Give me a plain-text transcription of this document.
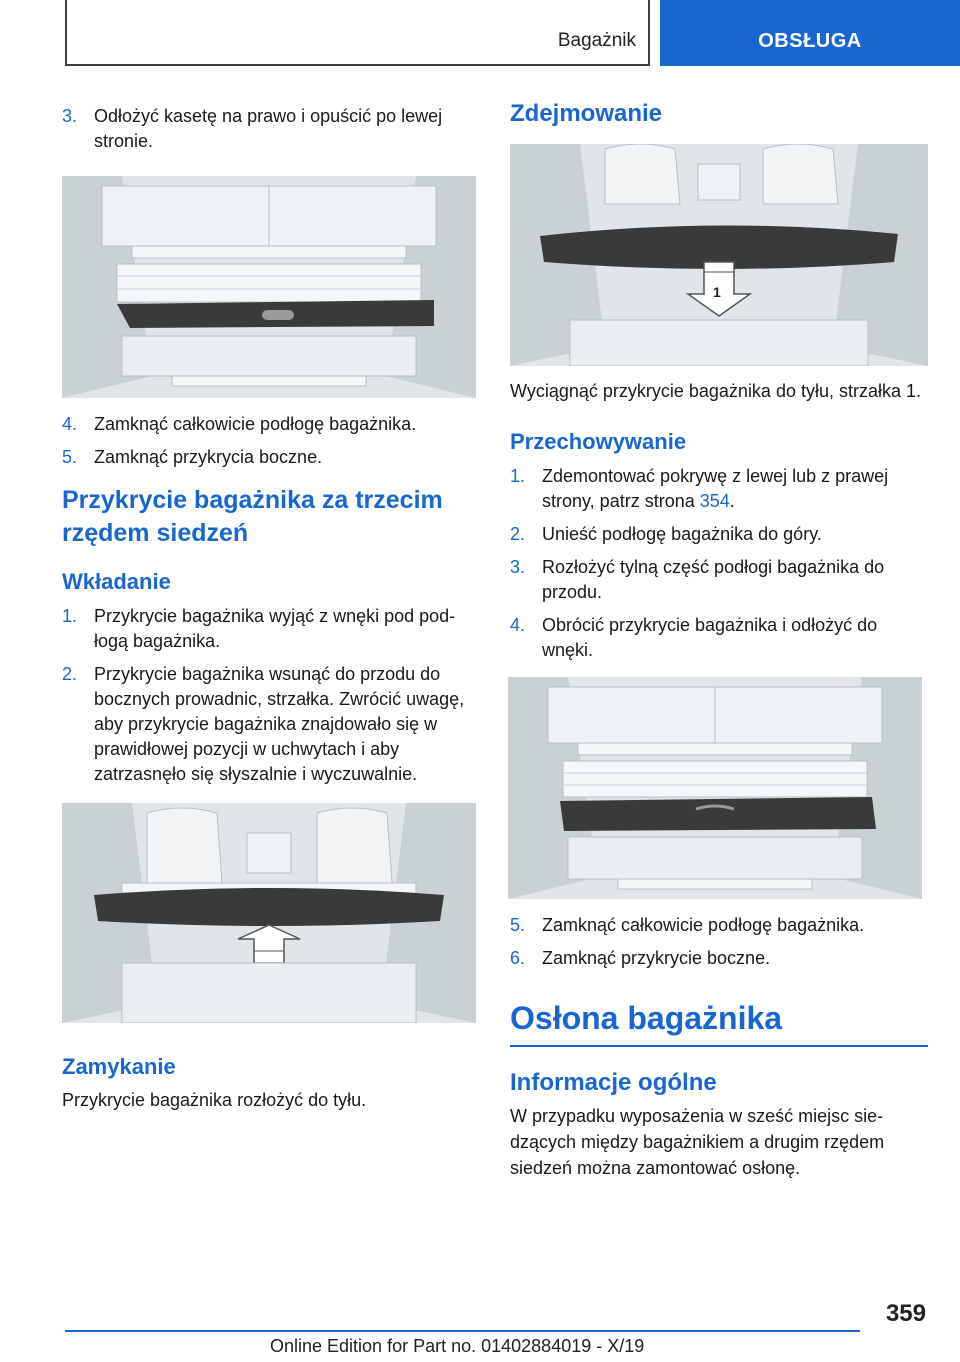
Bagażnik	OBSŁUGA
3. Odłożyć kasetę na prawo i opuścić po lewej stronie.
4. Zamknąć całkowicie podłogę bagażnika.
5. Zamknąć przykrycia boczne.
Przykrycie bagażnika za trzecim rzędem siedzeń
Wkładanie
1. Przykrycie bagażnika wyjąć z wnęki pod podłogą bagażnika.
2. Przykrycie bagażnika wsunąć do przodu do bocznych prowadnic, strzałka. Zwrócić uwagę, aby przykrycie bagażnika znajdowało się w prawidłowej pozycji w uchwytach i aby zatrzasnęło się słyszalnie i wyczuwalnie.
Zamykanie
Przykrycie bagażnika rozłożyć do tyłu.
Zdejmowanie
1
Wyciągnąć przykrycie bagażnika do tyłu, strzałka 1.
Przechowywanie
1. Zdemontować pokrywę z lewej lub z prawej strony, patrz strona 354.
2. Unieść podłogę bagażnika do góry.
3. Rozłożyć tylną część podłogi bagażnika do przodu.
4. Obrócić przykrycie bagażnika i odłożyć do wnęki.
5. Zamknąć całkowicie podłogę bagażnika.
6. Zamknąć przykrycie boczne.
Osłona bagażnika
Informacje ogólne
W przypadku wyposażenia w sześć miejsc siedzących między bagażnikiem a drugim rzędem siedzeń można zamontować osłonę.
359
Online Edition for Part no. 01402884019 - X/19
